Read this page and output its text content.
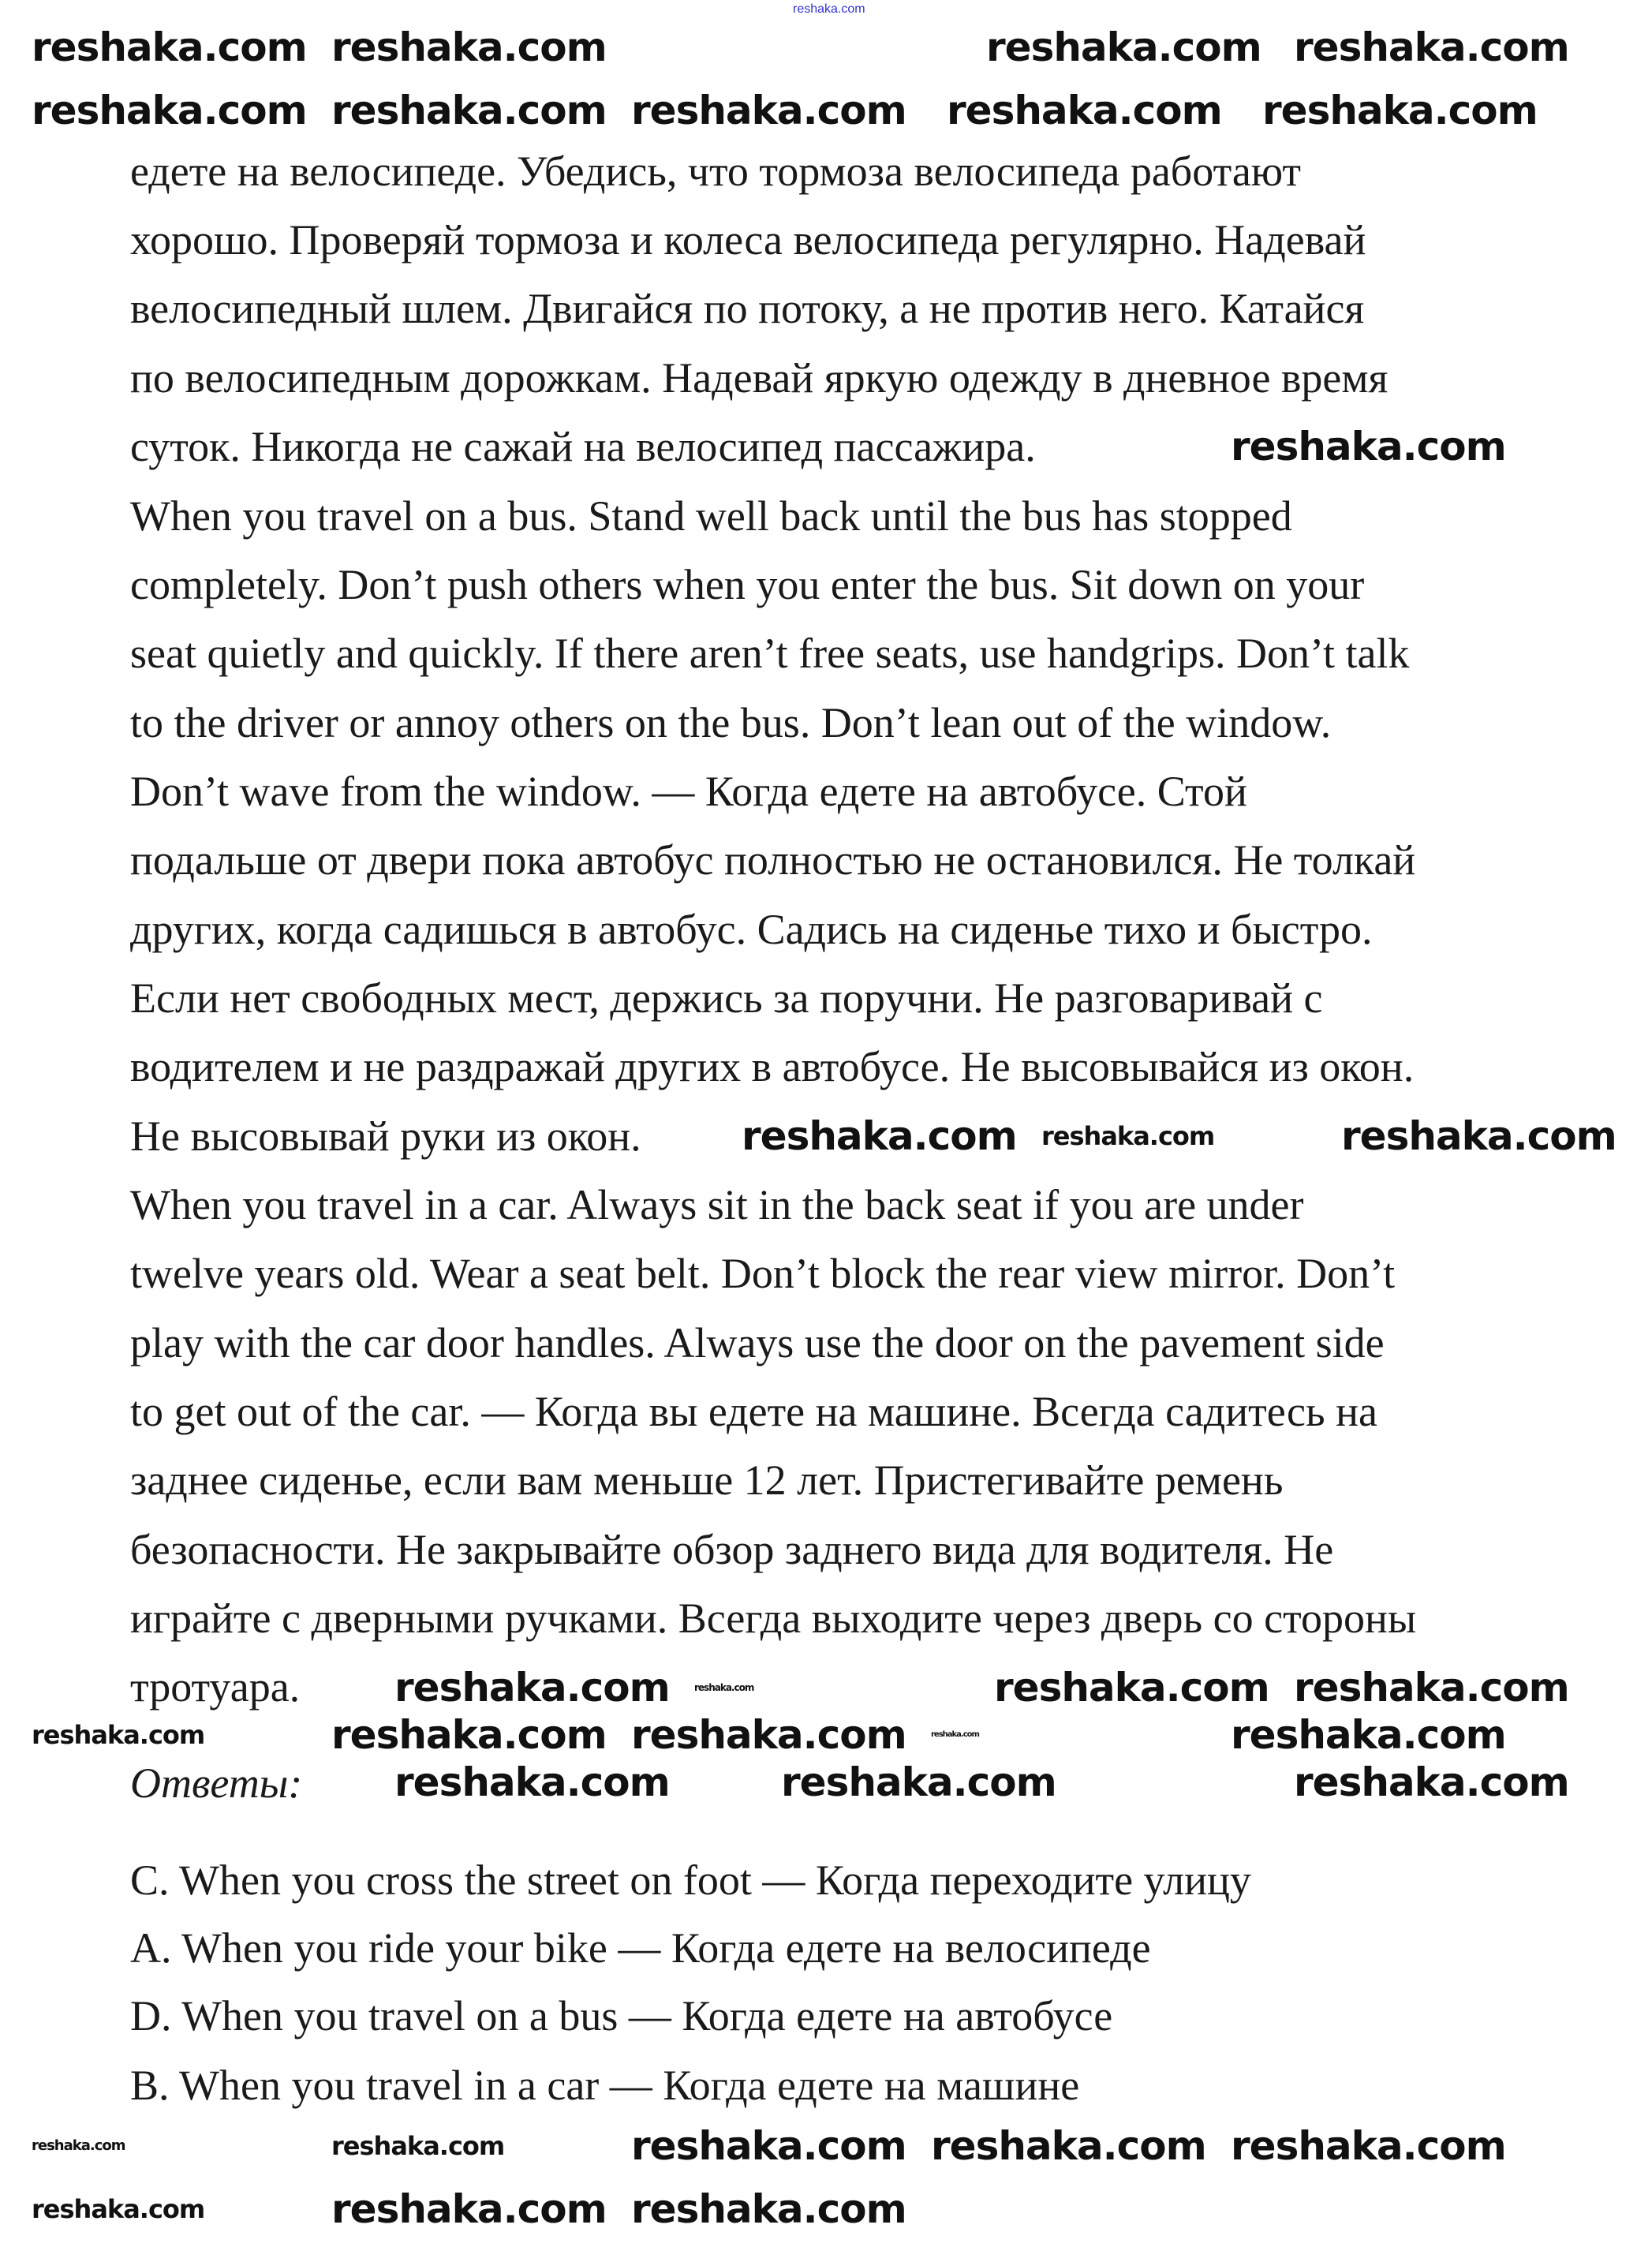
reshaka.com
едете на велосипеде. Убедись, что тормоза велосипеда работают
хорошо. Проверяй тормоза и колеса велосипеда регулярно. Надевай
велосипедный шлем. Двигайся по потоку, а не против него. Катайся
по велосипедным дорожкам. Надевай яркую одежду в дневное время
суток. Никогда не сажай на велосипед пассажира.
When you travel on a bus. Stand well back until the bus has stopped
completely. Don’t push others when you enter the bus. Sit down on your
seat quietly and quickly. If there aren’t free seats, use handgrips. Don’t talk
to the driver or annoy others on the bus. Don’t lean out of the window.
Don’t wave from the window. — Когда едете на автобусе. Стой
подальше от двери пока автобус полностью не остановился. Не толкай
других, когда садишься в автобус. Садись на сиденье тихо и быстро.
Если нет свободных мест, держись за поручни. Не разговаривай с
водителем и не раздражай других в автобусе. Не высовывайся из окон.
Не высовывай руки из окон.
When you travel in a car. Always sit in the back seat if you are under
twelve years old. Wear a seat belt. Don’t block the rear view mirror. Don’t
play with the car door handles. Always use the door on the pavement side
to get out of the car. — Когда вы едете на машине. Всегда садитесь на
заднее сиденье, если вам меньше 12 лет. Пристегивайте ремень
безопасности. Не закрывайте обзор заднего вида для водителя. Не
играйте с дверными ручками. Всегда выходите через дверь со стороны
тротуара.
Ответы:
C. When you cross the street on foot — Когда переходите улицу
A. When you ride your bike — Когда едете на велосипеде
D. When you travel on a bus — Когда едете на автобусе
B. When you travel in a car — Когда едете на машине
reshaka.com reshaka.com	reshaka.com reshaka.com
reshaka.com reshaka.com reshaka.com reshaka.com reshaka.com
reshaka.com
reshaka.com reshaka.com	reshaka.com
reshaka.com	reshaka.com	reshaka.com reshaka.com
reshaka.com	reshaka.com reshaka.com	reshaka.com	reshaka.com
reshaka.com	reshaka.com	reshaka.com
reshaka.com	reshaka.com	reshaka.com reshaka.com reshaka.com
reshaka.com	reshaka.com reshaka.com
